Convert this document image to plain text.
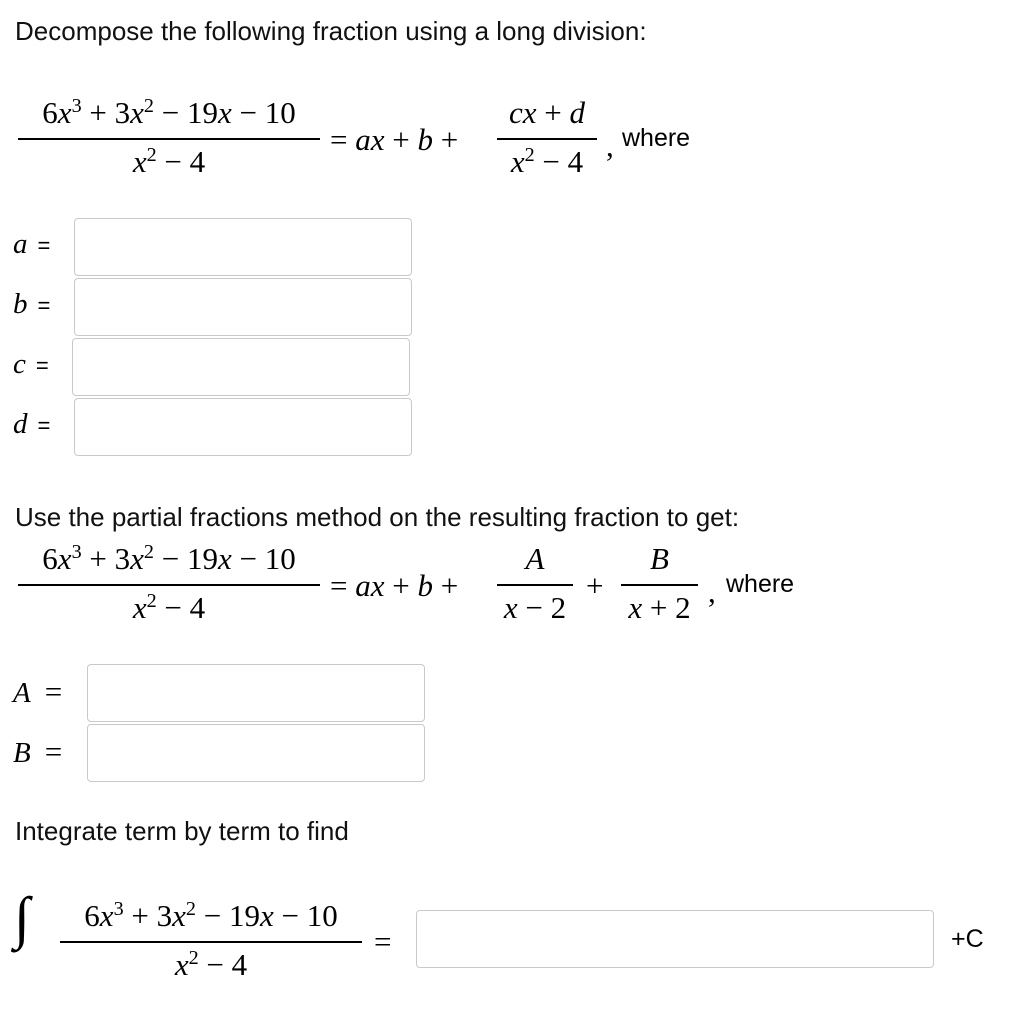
Decompose the following fraction using a long division:
$6x^3 + 3x^2 - 19x - 10$
$x^2 - 4$
= ax + b +
cx + d
$x^2 - 4$ , where
a =
b =
c =
d =
Use the partial fractions method on the resulting fraction to get:
$6x^3 + 3x^2 - 19x - 10$
$x^2 - 4$
= ax + b +
A
x − 2
+
B
x + 2 , where
A =
B =
Integrate term by term to find
∫	$6x^3 + 3x^2 - 19x - 10$
$x^2 - 4$
=	+C
